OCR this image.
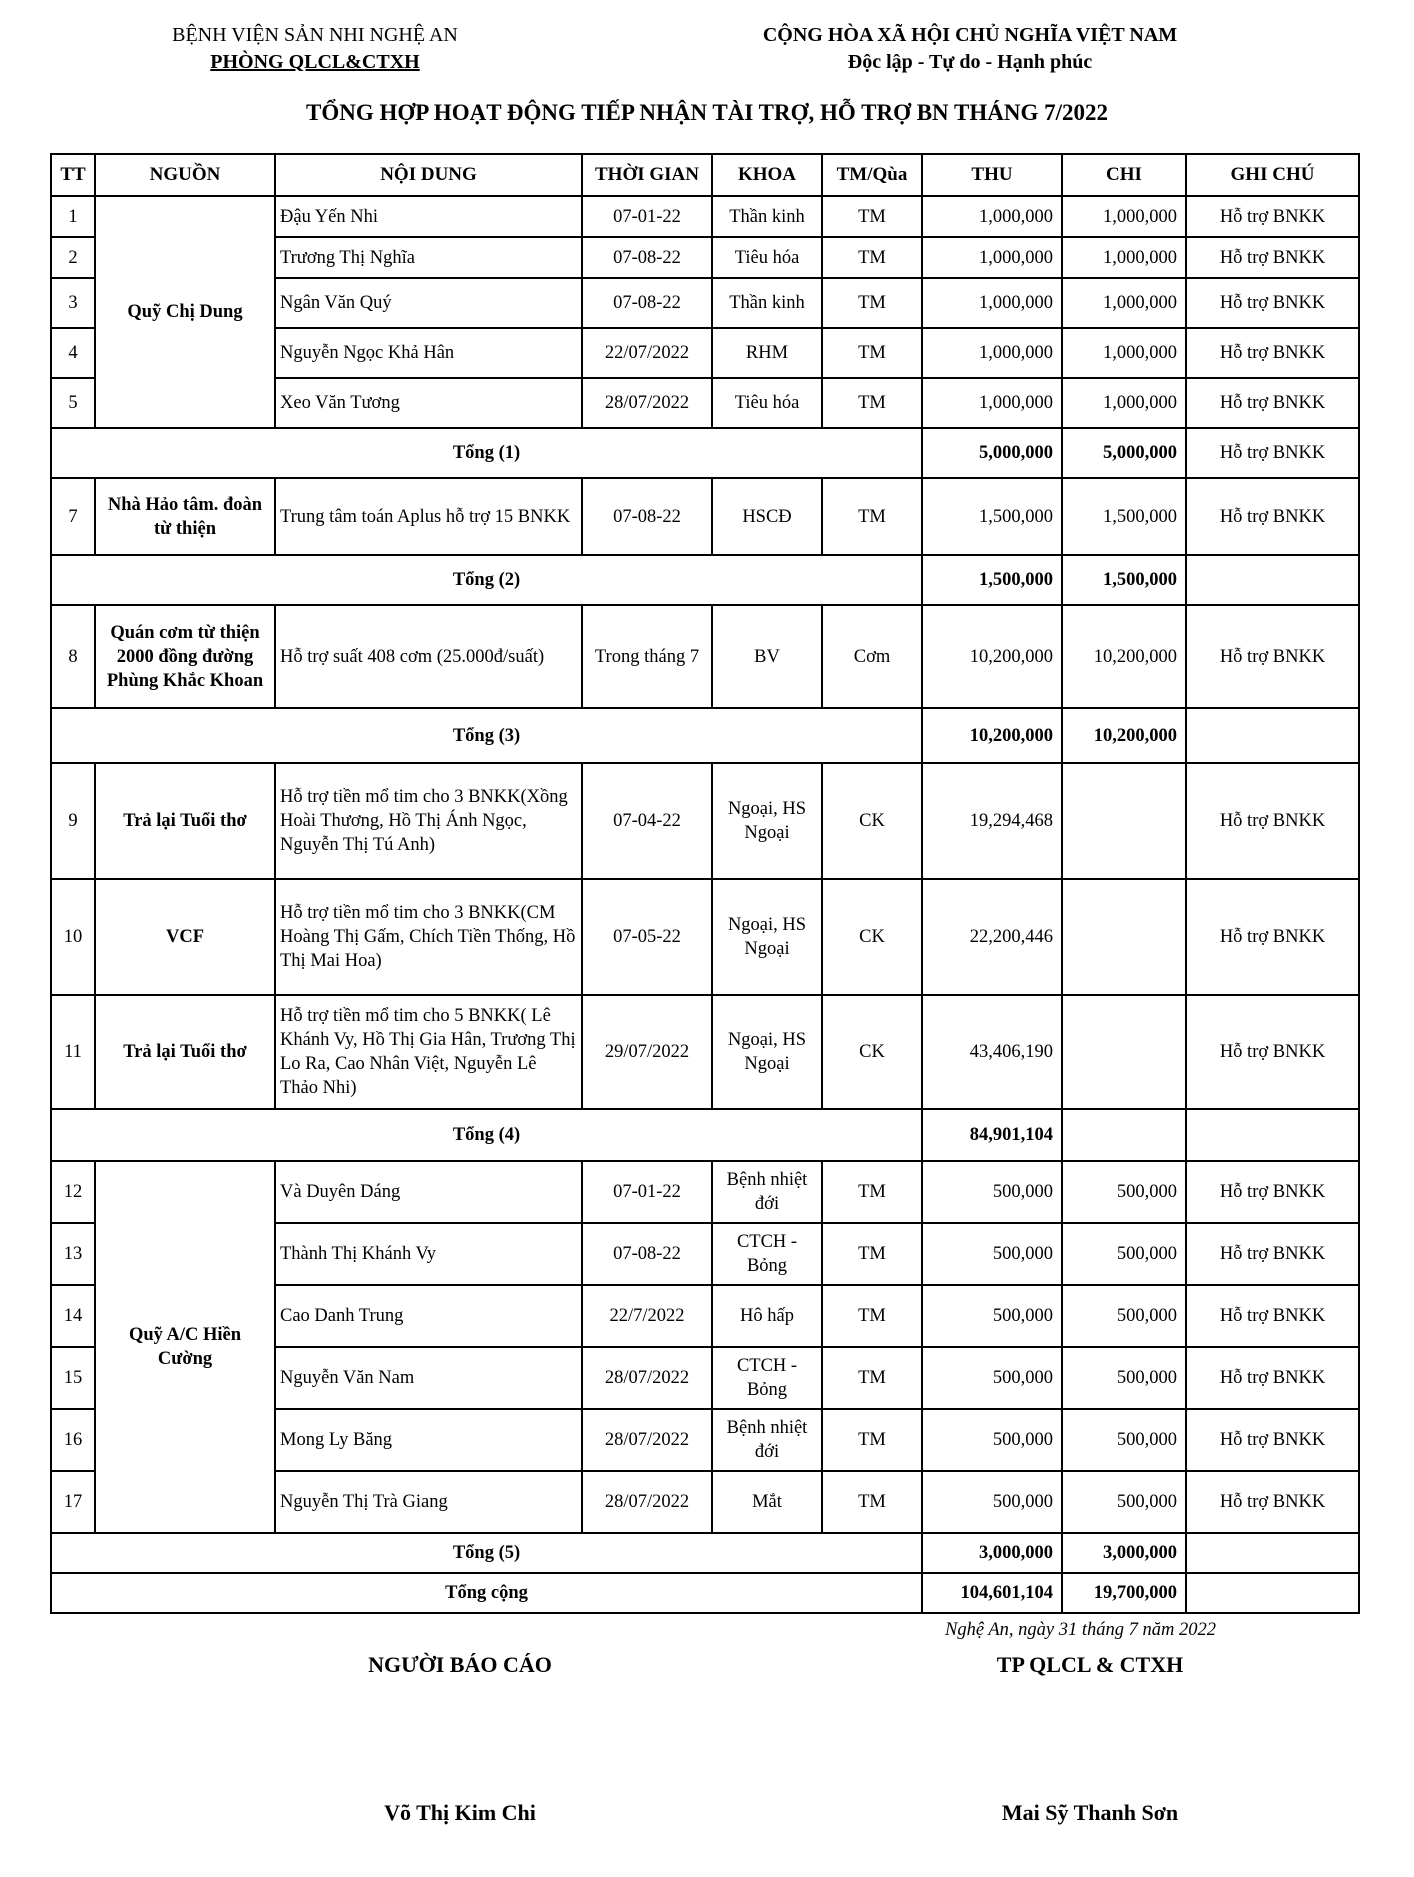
BỆNH VIỆN SẢN NHI NGHỆ AN
PHÒNG QLCL&CTXH
CỘNG HÒA XÃ HỘI CHỦ NGHĨA VIỆT NAM
Độc lập - Tự do - Hạnh phúc
TỔNG HỢP HOẠT ĐỘNG TIẾP NHẬN TÀI TRỢ, HỖ TRỢ BN THÁNG 7/2022
TT	NGUỒN	NỘI DUNG	THỜI GIAN	KHOA	TM/Qùa	THU	CHI	GHI CHÚ
1	Quỹ Chị Dung	Đậu Yến Nhi	07-01-22	Thần kinh	TM	1,000,000	1,000,000	Hỗ trợ BNKK
2		Trương Thị Nghĩa	07-08-22	Tiêu hóa	TM	1,000,000	1,000,000	Hỗ trợ BNKK
3		Ngân Văn Quý	07-08-22	Thần kinh	TM	1,000,000	1,000,000	Hỗ trợ BNKK
4		Nguyễn Ngọc Khả Hân	22/07/2022	RHM	TM	1,000,000	1,000,000	Hỗ trợ BNKK
5		Xeo Văn Tương	28/07/2022	Tiêu hóa	TM	1,000,000	1,000,000	Hỗ trợ BNKK
Tổng (1)						5,000,000	5,000,000	Hỗ trợ BNKK
7	Nhà Hảo tâm. đoàn từ thiện	Trung tâm toán Aplus hỗ trợ 15 BNKK	07-08-22	HSCĐ	TM	1,500,000	1,500,000	Hỗ trợ BNKK
Tổng (2)						1,500,000	1,500,000	
8	Quán cơm từ thiện 2000 đồng đường Phùng Khắc Khoan	Hỗ trợ suất 408 cơm (25.000đ/suất)	Trong tháng 7	BV	Cơm	10,200,000	10,200,000	Hỗ trợ BNKK
Tổng (3)						10,200,000	10,200,000	
9	Trả lại Tuổi thơ	Hỗ trợ tiền mổ tim cho 3 BNKK(Xồng Hoài Thương, Hồ Thị Ánh Ngọc, Nguyễn Thị Tú Anh)	07-04-22	Ngoại, HS Ngoại	CK	19,294,468		Hỗ trợ BNKK
10	VCF	Hỗ trợ tiền mổ tim cho 3 BNKK(CM Hoàng Thị Gấm, Chích Tiền Thống, Hồ Thị Mai Hoa)	07-05-22	Ngoại, HS Ngoại	CK	22,200,446		Hỗ trợ BNKK
11	Trả lại Tuổi thơ	Hỗ trợ tiền mổ tim cho 5 BNKK( Lê Khánh Vy, Hồ Thị Gia Hân, Trương Thị Lo Ra, Cao Nhân Việt, Nguyễn Lê Thảo Nhi)	29/07/2022	Ngoại, HS Ngoại	CK	43,406,190		Hỗ trợ BNKK
Tổng (4)						84,901,104		
12	Quỹ A/C Hiền Cường	Và Duyên Dáng	07-01-22	Bệnh nhiệt đới	TM	500,000	500,000	Hỗ trợ BNKK
13		Thành Thị Khánh Vy	07-08-22	CTCH - Bỏng	TM	500,000	500,000	Hỗ trợ BNKK
14		Cao Danh Trung	22/7/2022	Hô hấp	TM	500,000	500,000	Hỗ trợ BNKK
15		Nguyễn Văn Nam	28/07/2022	CTCH - Bỏng	TM	500,000	500,000	Hỗ trợ BNKK
16		Mong Ly Băng	28/07/2022	Bệnh nhiệt đới	TM	500,000	500,000	Hỗ trợ BNKK
17		Nguyễn Thị Trà Giang	28/07/2022	Mắt	TM	500,000	500,000	Hỗ trợ BNKK
Tổng (5)						3,000,000	3,000,000	
Tổng cộng						104,601,104	19,700,000	
Nghệ An, ngày 31 tháng 7 năm 2022
NGƯỜI BÁO CÁO	TP QLCL & CTXH
Võ Thị Kim Chi	Mai Sỹ Thanh Sơn
